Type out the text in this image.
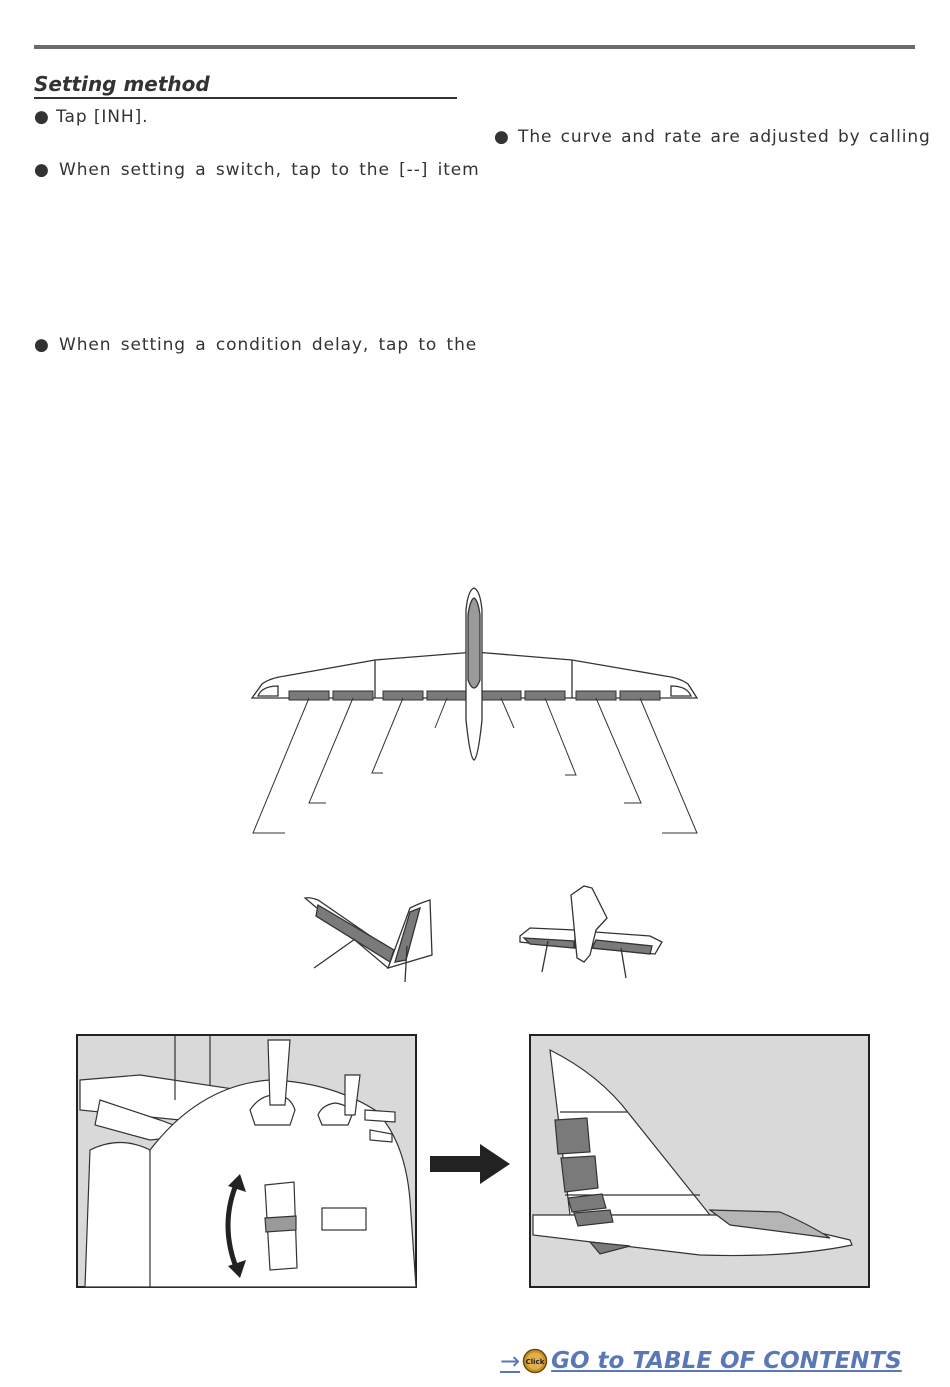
Setting method
● Tap [INH].
● When setting a switch, tap to the [--] item
● When setting a condition delay, tap to the
● The curve and rate are adjusted by calling
→ Click GO to TABLE OF CONTENTS
